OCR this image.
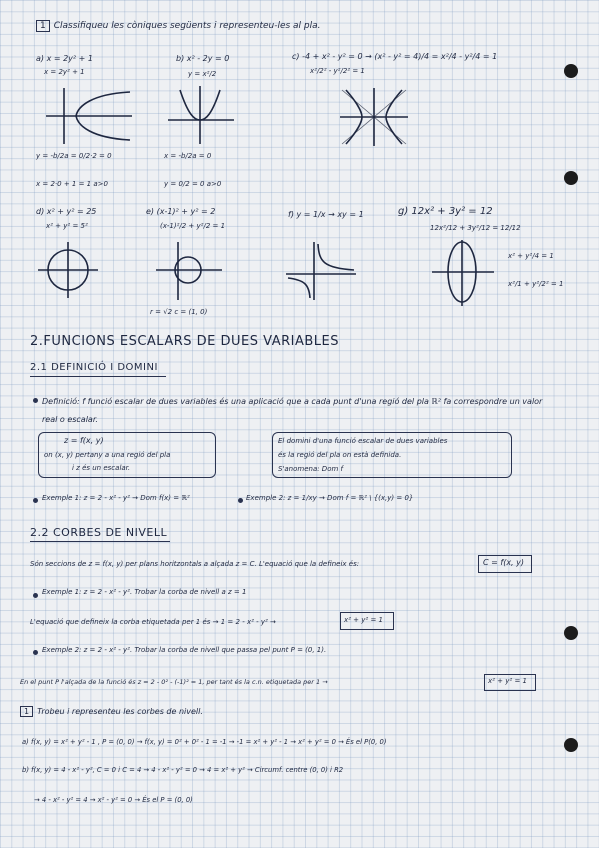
1 Classifiqueu les còniques següents i representeu-les al pla.
a) x = 2y² + 1
x = 2y² + 1
y = -b/2a = 0/2·2 = 0
x = 2·0 + 1 = 1 a>0
b) x² - 2y = 0
y = x²/2
x = -b/2a = 0
y = 0/2 = 0 a>0
c) -4 + x² - y² = 0 → (x² - y² = 4)/4 = x²/4 - y²/4 = 1
x²/2² - y²/2² = 1
d) x² + y² = 25
x² + y² = 5²
e) (x-1)² + y² = 2
(x-1)²/2 + y²/2 = 1
r = √2 c = (1, 0)
f) y = 1/x → xy = 1	g) 12x² + 3y² = 12
12x²/12 + 3y²/12 = 12/12
x² + y²/4 = 1
x²/1 + y²/2² = 1
2.FUNCIONS ESCALARS DE DUES VARIABLES
2.1 DEFINICIÓ I DOMINI
Definició: f funció escalar de dues variables és una aplicació que a cada punt d'una regió del pla ℝ² fa correspondre un valor real o escalar.
z = f(x, y)
on (x, y) pertany a una regió del pla
i z és un escalar.
El domini d'una funció escalar de dues variables
és la regió del pla on està definida.
S'anomena: Dom f
Exemple 1: z = 2 - x² - y² → Dom f(x) = ℝ²	Exemple 2: z = 1/xy → Dom f = ℝ² \ {(x,y) = 0}
2.2 CORBES DE NIVELL
Són seccions de z = f(x, y) per plans horitzontals a alçada z = C. L'equació que la defineix és:	C = f(x, y)
Exemple 1: z = 2 - x² - y². Trobar la corba de nivell a z = 1
L'equació que defineix la corba etiquetada per 1 és → 1 = 2 - x² - y² →	x² + y² = 1
Exemple 2: z = 2 - x² - y². Trobar la corba de nivell que passa pel punt P = (0, 1).
En el punt P l'alçada de la funció és z = 2 - 0² - (-1)² = 1, per tant és la c.n. etiquetada per 1 →	x² + y² = 1
1 Trobeu i representeu les corbes de nivell.
a) f(x, y) = x² + y² - 1 , P = (0, 0) → f(x, y) = 0² + 0² - 1 = -1 → -1 = x² + y² - 1 → x² + y² = 0 → És el P(0, 0)
b) f(x, y) = 4 - x² - y², C = 0 i C = 4 → 4 - x² - y² = 0 → 4 = x² + y² → Circumf. centre (0, 0) i R2
→ 4 - x² - y² = 4 → x² - y² = 0 → És el P = (0, 0)
